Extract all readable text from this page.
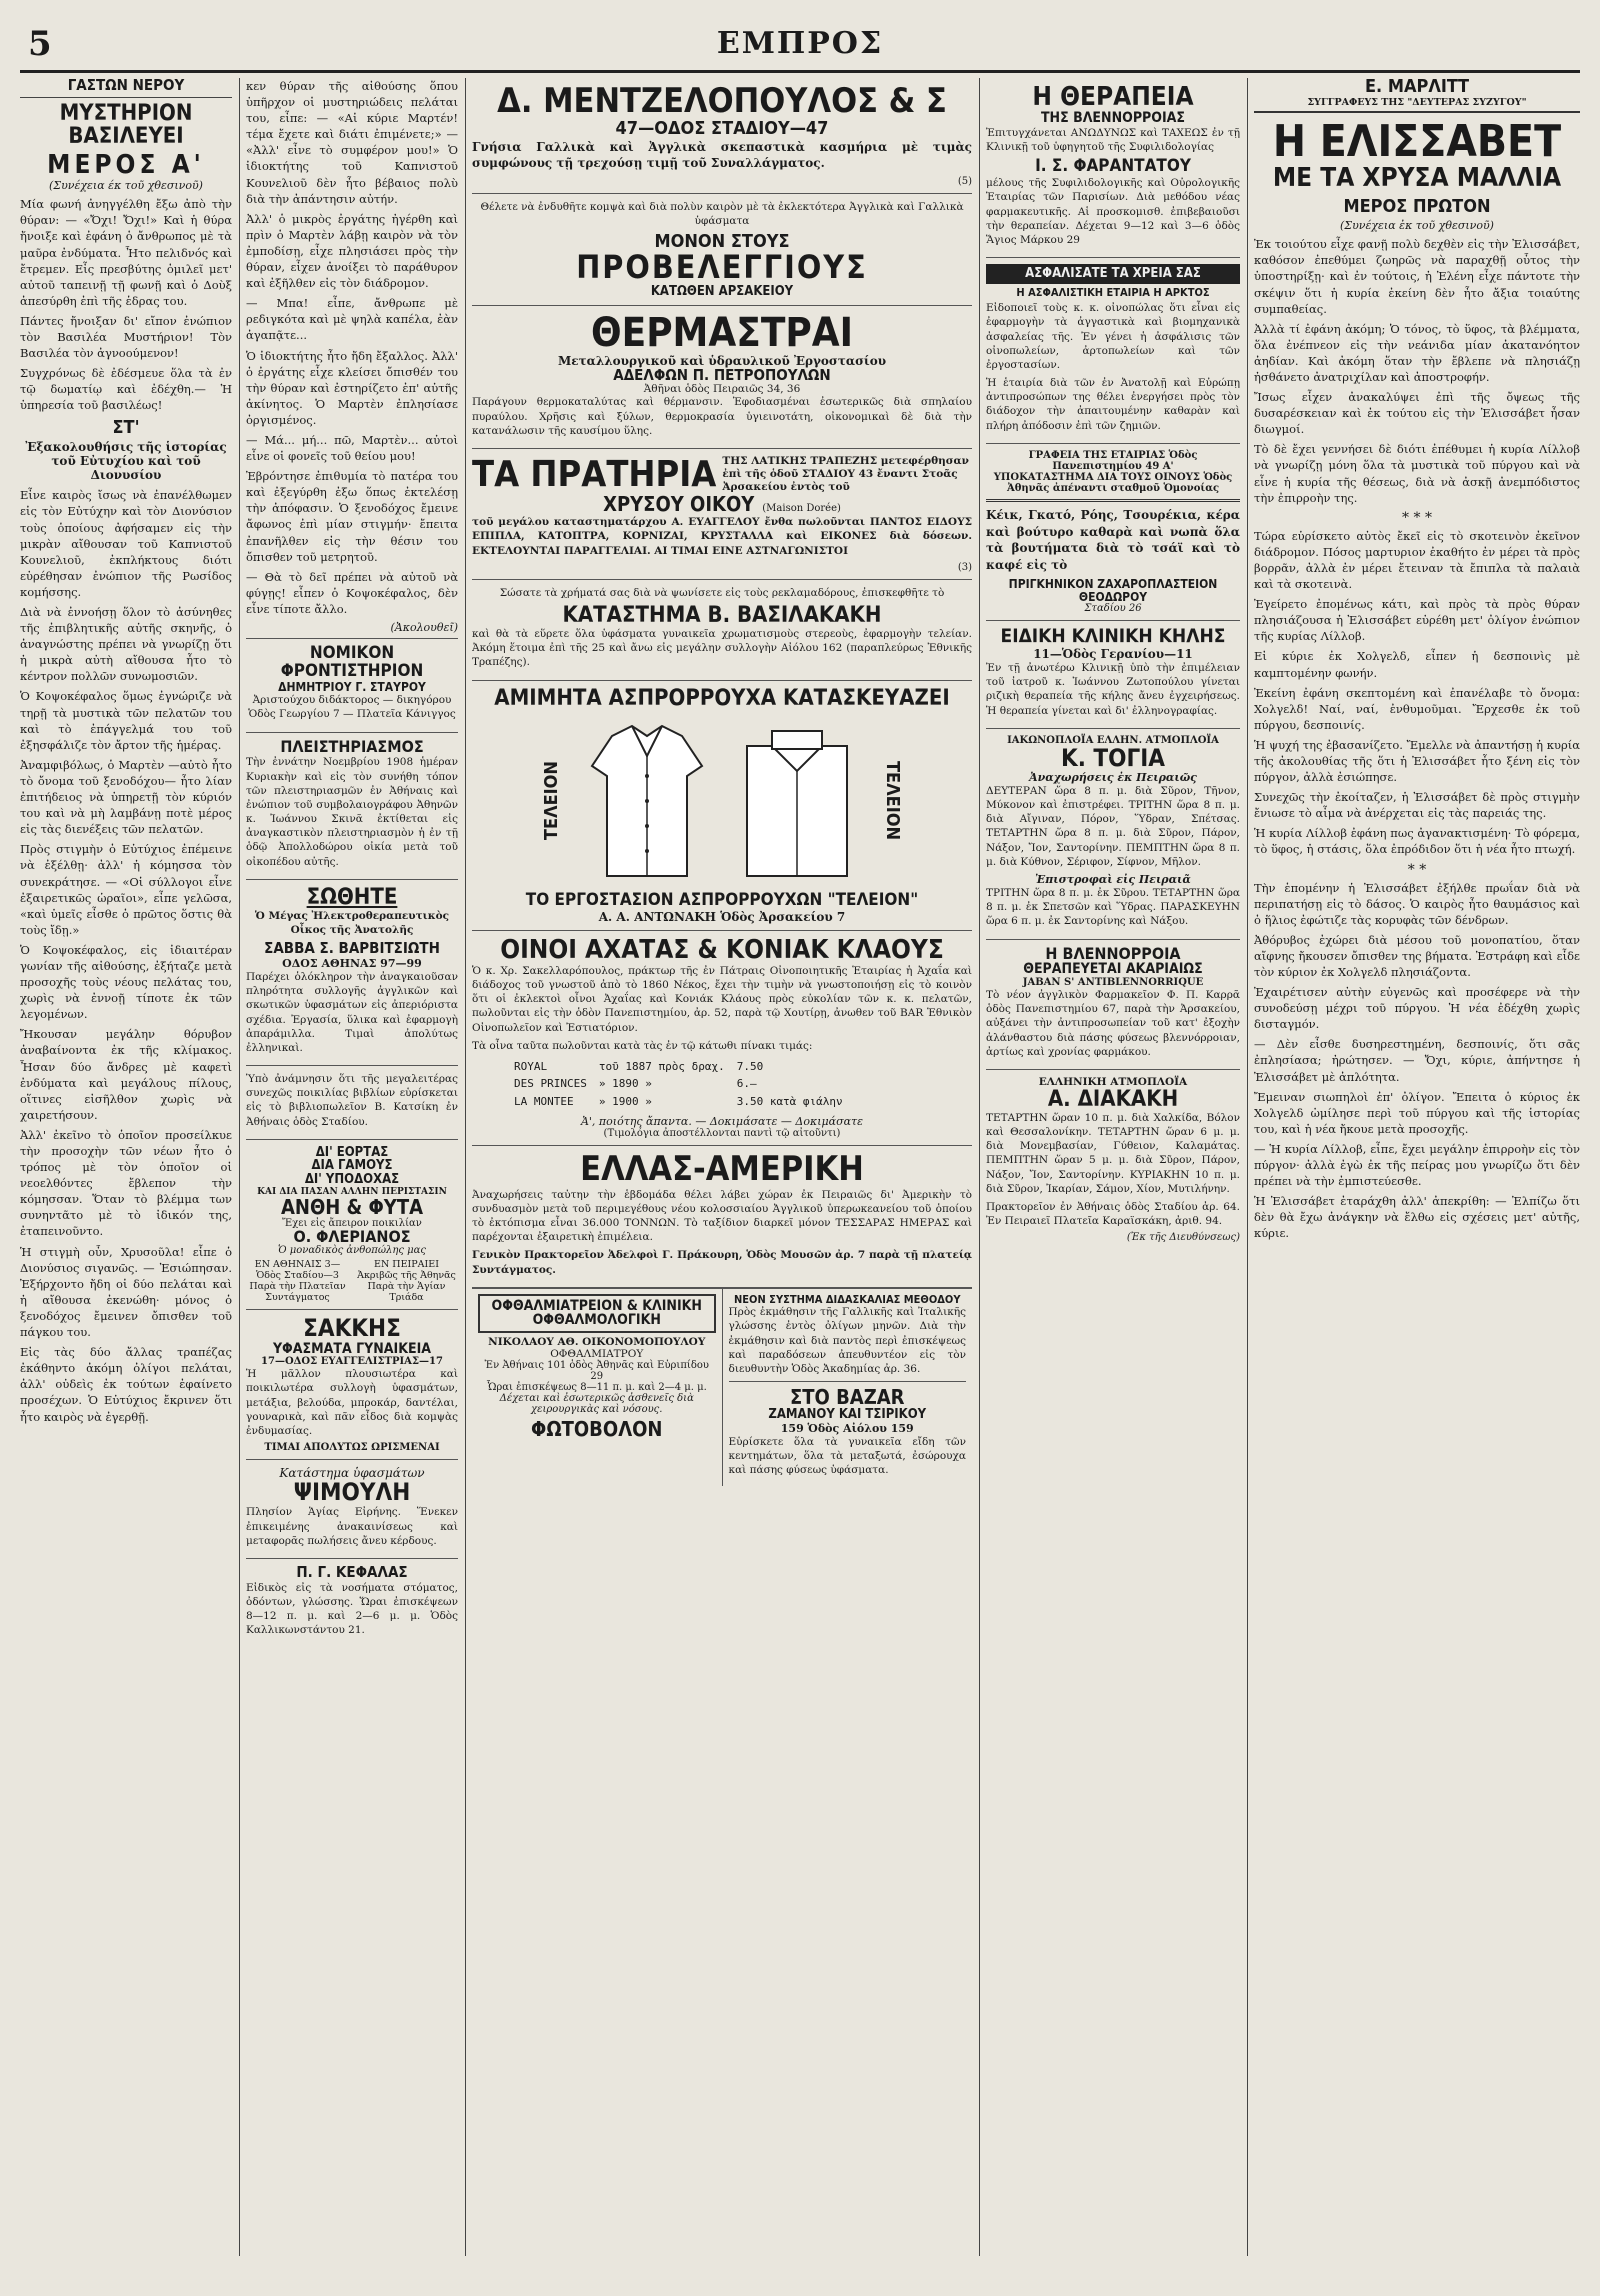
5	ΕΜΠΡΟΣ
ΓΑΣΤΩΝ ΝΕΡΟΥ
ΜΥΣΤΗΡΙΟΝ ΒΑΣΙΛΕΥΕΙ
ΜΕΡΟΣ Α'
(Συνέχεια έκ τοῦ χθεσινοῦ)

Μία φωνή ἀνηγγέλθη ἔξω ἀπὸ τὴν θύραν: — «Ὄχι! Ὄχι!» Καὶ ἡ θύρα ἤνοιξε καὶ ἐφάνη ὁ ἄνθρωπος μὲ τὰ μαῦρα ἐνδύματα. Ἦτο πελιδνός καὶ ἔτρεμεν. Εἷς πρεσβύτης ὁμιλεῖ μετ' αὐτοῦ ταπεινῇ τῇ φωνῇ καὶ ὁ Δοὺξ ἀπεσύρθη ἐπὶ τῆς ἑδρας του.

Πάντες ἤνοιξαν δι' εἴπον ἐνώπιον τὸν Βασιλέα Μυστήριον! Τὸν Βασιλέα τὸν ἀγνοούμενον!

Συγχρόνως δὲ ἐδέσμευε ὅλα τὰ ἐν τῷ δωματίῳ καὶ ἐδέχθη.— Ἡ ὑπηρεσία τοῦ βασιλέως!

ΣΤ'
Ἐξακολουθήσις τῆς ἱστορίας τοῦ Εὐτυχίου καὶ τοῦ Διονυσίου

Εἶνε καιρὸς ἴσως νὰ ἐπανέλθωμεν εἰς τὸν Εὐτύχην καὶ τὸν Διονύσιον τοὺς ὁποίους ἀφήσαμεν εἰς τὴν μικρὰν αἴθουσαν τοῦ Καπνιστοῦ Κουνελιοῦ, ἐκπλήκτους διότι εὑρέθησαν ἐνώπιον τῆς Ρωσίδος κομήσσης.

Διὰ νὰ ἐννοήσῃ ὅλον τὸ ἀσύνηθες τῆς ἐπιβλητικῆς αὐτῆς σκηνῆς, ὁ ἀναγνώστης πρέπει νὰ γνωρίζῃ ὅτι ἡ μικρὰ αὐτὴ αἴθουσα ἦτο τὸ κέντρον πολλῶν συνωμοσιῶν.

Ὁ Κοψοκέφαλος ὅμως ἐγνώριζε νὰ τηρῇ τὰ μυστικὰ τῶν πελατῶν του καὶ τὸ ἐπάγγελμά του τοῦ ἐξησφάλιζε τὸν ἄρτον τῆς ἡμέρας.

Ἀναμφιβόλως, ὁ Μαρτὲν —αὐτὸ ἦτο τὸ ὄνομα τοῦ ξενοδόχου— ἦτο λίαν ἐπιτήδειος νὰ ὑπηρετῇ τὸν κύριόν του καὶ νὰ μὴ λαμβάνῃ ποτὲ μέρος εἰς τὰς διενέξεις τῶν πελατῶν.

Πρὸς στιγμὴν ὁ Εὐτύχιος ἐπέμεινε νὰ ἐξέλθῃ· ἀλλ' ἡ κόμησσα τὸν συνεκράτησε. — «Οἱ σύλλογοι εἶνε ἐξαιρετικῶς ὡραῖοι», εἶπε γελῶσα, «καὶ ὑμεῖς εἶσθε ὁ πρῶτος ὅστις θὰ τοὺς ἴδῃ.»

Ὁ Κοψοκέφαλος, εἰς ἰδιαιτέραν γωνίαν τῆς αἰθούσης, ἐξήταζε μετὰ προσοχῆς τοὺς νέους πελάτας του, χωρὶς νὰ ἐννοῇ τίποτε ἐκ τῶν λεγομένων.

Ἤκουσαν μεγάλην θόρυβον ἀναβαίνοντα ἐκ τῆς κλίμακος. Ἦσαν δύο ἄνδρες μὲ καφετὶ ἐνδύματα καὶ μεγάλους πίλους, οἵτινες εἰσῆλθον χωρὶς νὰ χαιρετήσουν.

Ἀλλ' ἐκεῖνο τὸ ὁποῖον προσείλκυε τὴν προσοχὴν τῶν νέων ἦτο ὁ τρόπος μὲ τὸν ὁποῖον οἱ νεοελθόντες ἔβλεπον τὴν κόμησσαν. Ὅταν τὸ βλέμμα των συνηντᾶτο μὲ τὸ ἰδικόν της, ἐταπεινοῦντο.

Ἡ στιγμὴ οὖν, Χρυσοῦλα! εἶπε ὁ Διονύσιος σιγανῶς. — Ἐσιώπησαν. Ἐξήρχοντο ἤδη οἱ δύο πελάται καὶ ἡ αἴθουσα ἐκενώθη· μόνος ὁ ξενοδόχος ἔμεινεν ὄπισθεν τοῦ πάγκου του.

Εἰς τὰς δύο ἄλλας τραπέζας ἐκάθηντο ἀκόμη ὀλίγοι πελάται, ἀλλ' οὐδεὶς ἐκ τούτων ἐφαίνετο προσέχων. Ὁ Εὐτύχιος ἔκρινεν ὅτι ἦτο καιρὸς νὰ ἐγερθῇ.

κεν θύραν τῆς αἰθούσης ὅπου ὑπῆρχον οἱ μυστηριώδεις πελάται του, εἶπε: — «Αἱ κύριε Μαρτέν! τέμα ἔχετε καὶ διάτι ἐπιμένετε;» — «Ἀλλ' εἶνε τὸ συμφέρον μου!» Ὁ ἰδιοκτήτης τοῦ Καπνιστοῦ Κουνελιοῦ δὲν ἦτο βέβαιος πολὺ διὰ τὴν ἀπάντησιν αὐτήν.

Ἀλλ' ὁ μικρὸς ἐργάτης ἠγέρθη καὶ πρὶν ὁ Μαρτὲν λάβῃ καιρὸν νὰ τὸν ἐμποδίσῃ, εἶχε πλησιάσει πρὸς τὴν θύραν, εἶχεν ἀνοίξει τὸ παράθυρον καὶ ἐξῆλθεν εἰς τὸν διάδρομον.

— Μπα! εἶπε, ἄνθρωπε μὲ ρεδιγκότα καὶ μὲ ψηλὰ καπέλα, ἐὰν ἀγαπᾷτε...

Ὁ ἰδιοκτήτης ἦτο ἤδη ἔξαλλος. Ἀλλ' ὁ ἐργάτης εἶχε κλείσει ὄπισθέν του τὴν θύραν καὶ ἐστηρίζετο ἐπ' αὐτῆς ἀκίνητος. Ὁ Μαρτὲν ἐπλησίασε ὀργισμένος.

— Μά... μή... πῶ, Μαρτὲν... αὐτοὶ εἶνε οἱ φονεῖς τοῦ θείου μου!

Ἐβρόντησε ἐπιθυμία τὸ πατέρα του καὶ ἐξεγύρθη ἐξω ὅπως ἐκτελέσῃ τὴν ἀπόφασιν. Ὁ ξενοδόχος ἔμεινε ἄφωνος ἐπὶ μίαν στιγμήν· ἔπειτα ἐπανῆλθεν εἰς τὴν θέσιν του ὄπισθεν τοῦ μετρητοῦ.

— Θὰ τὸ δεῖ πρέπει νὰ αὐτοῦ νὰ φύγῃς! εἶπεν ὁ Κοψοκέφαλος, δὲν εἶνε τίποτε ἄλλο.

(Ἀκολουθεῖ)
ΝΟΜΙΚΟΝ ΦΡΟΝΤΙΣΤΗΡΙΟΝ
ΔΗΜΗΤΡΙΟΥ Γ. ΣΤΑΥΡΟΥ

Ἀριστούχου διδάκτορος — δικηγόρου Ὁδὸς Γεωργίου 7 — Πλατεῖα Κάνιγγος

ΠΛΕΙΣΤΗΡΙΑΣΜΟΣ

Τὴν ἐννάτην Νοεμβρίου 1908 ἡμέραν Κυριακὴν καὶ εἰς τὸν συνήθη τόπον τῶν πλειστηριασμῶν ἐν Ἀθήναις καὶ ἐνώπιον τοῦ συμβολαιογράφου Ἀθηνῶν κ. Ἰωάννου Σκινᾶ ἐκτίθεται εἰς ἀναγκαστικὸν πλειστηριασμὸν ἡ ἐν τῇ ὁδῷ Ἀπολλοδώρου οἰκία μετὰ τοῦ οἰκοπέδου αὐτῆς.

ΣΩΘΗΤΕ

Ὁ Μέγας Ἠλεκτροθεραπευτικὸς Οἶκος τῆς Ἀνατολῆς

ΣΑΒΒΑ Σ. ΒΑΡΒΙΤΣΙΩΤΗ
ΟΔΟΣ ΑΘΗΝΑΣ 97—99

Παρέχει ὁλόκληρον τὴν ἀναγκαιοῦσαν πληρότητα συλλογῆς ἀγγλικῶν καὶ σκωτικῶν ὑφασμάτων εἰς ἀπεριόριστα σχέδια. Ἐργασία, ὕλικα καὶ ἐφαρμογὴ ἀπαράμιλλα. Τιμαὶ ἀπολύτως ἐλληνικαὶ.

Ὑπὸ ἀνάμνησιν ὅτι τῆς μεγαλειτέρας συνεχῶς ποικιλίας βιβλίων εὑρίσκεται εἰς τὸ βιβλιοπωλεῖον Β. Κατσίκη ἐν Ἀθήναις ὁδὸς Σταδίου.

ΔΙ' ΕΟΡΤΑΣ
ΔΙΑ ΓΑΜΟΥΣ
ΔΙ' ΥΠΟΔΟΧΑΣ
ΚΑΙ ΔΙΑ ΠΑΣΑΝ ΑΛΛΗΝ ΠΕΡΙΣΤΑΣΙΝ
ΑΝΘΗ & ΦΥΤΑ
Ἔχει εἰς ἄπειρον ποικιλίαν
Ο. ΦΛΕΡΙΑΝΟΣ
Ὁ μοναδικὸς ἀνθοπώλης μας
ΕΝ ΑΘΗΝΑΙΣ 3—Ὁδὸς Σταδίου—3 Παρὰ τὴν Πλατεῖαν Συντάγματος
ΕΝ ΠΕΙΡΑΙΕΙ Ἀκριβῶς τῆς Ἀθηνᾶς Παρὰ τὴν Ἁγίαν Τριάδα
ΣΑΚΚΗΣ
ΥΦΑΣΜΑΤΑ ΓΥΝΑΙΚΕΙΑ
17—ΟΔΟΣ ΕΥΑΓΓΕΛΙΣΤΡΙΑΣ—17

Ἡ μᾶλλον πλουσιωτέρα καὶ ποικιλωτέρα συλλογὴ ὑφασμάτων, μετάξια, βελούδα, μπροκάρ, δαντέλαι, γουναρικὰ, καὶ πᾶν εἶδος διὰ κομψὰς ἐνδυμασίας.

ΤΙΜΑΙ ΑΠΟΛΥΤΩΣ ΩΡΙΣΜΕΝΑΙ
Κατάστημα ὑφασμάτων
ΨΙΜΟΥΛΗ

Πλησίον Ἁγίας Εἰρήνης. Ἕνεκεν ἐπικειμένης ἀνακαινίσεως καὶ μεταφορᾶς πωλήσεις ἄνευ κέρδους.

Π. Γ. ΚΕΦΑΛΑΣ

Εἰδικὸς εἰς τὰ νοσήματα στόματος, ὀδόντων, γλώσσης. Ὥραι ἐπισκέψεων 8—12 π. μ. καὶ 2—6 μ. μ. Ὁδὸς Καλλικωνστάντου 21.

Δ. ΜΕΝΤΖΕΛΟΠΟΥΛΟΣ & Σ
47—ΟΔΟΣ ΣΤΑΔΙΟΥ—47

Γνήσια Γαλλικὰ καὶ Ἀγγλικὰ σκεπαστικὰ κασμήρια μὲ τιμὰς συμφώνους τῇ τρεχούσῃ τιμῇ τοῦ Συναλλάγματος.

(5)

Θέλετε νὰ ἐνδυθῆτε κομψὰ καὶ διὰ πολὺν καιρὸν μὲ τὰ ἐκλεκτότερα Ἀγγλικὰ καὶ Γαλλικὰ ὑφάσματα

ΜΟΝΟΝ ΣΤΟΥΣ
ΠΡΟΒΕΛΕΓΓΙΟΥΣ
ΚΑΤΩΘΕΝ ΑΡΣΑΚΕΙΟΥ
ΘΕΡΜΑΣΤΡΑΙ
Μεταλλουργικοῦ καὶ ὑδραυλικοῦ Ἐργοστασίου
ΑΔΕΛΦΩΝ Π. ΠΕΤΡΟΠΟΥΛΩΝ
Ἀθῆναι ὁδὸς Πειραιῶς 34, 36

Παράγουν θερμοκαταλύτας καὶ θέρμανσιν. Ἐφοδιασμέναι ἐσωτερικῶς διὰ σπηλαίου πυραύλου. Χρῆσις καὶ ξύλων, θερμοκρασία ὑγιεινοτάτη, οἰκονομικαὶ δὲ διὰ τὴν κατανάλωσιν τῆς καυσίμου ὕλης.

ΤΑ ΠΡΑΤΗΡΙΑ ΤΗΣ ΛΑΤΙΚΗΣ ΤΡΑΠΕΖΗΣ μετεφέρθησαν ἐπὶ τῆς ὁδοῦ ΣΤΑΔΙΟΥ 43 ἔναντι Στοᾶς Ἀρσακείου ἐντὸς τοῦ
ΧΡΥΣΟΥ ΟΙΚΟΥ (Maison Dorée)

τοῦ μεγάλου καταστηματάρχου Α. ΕΥΑΓΓΕΛΟΥ ἔνθα πωλοῦνται ΠΑΝΤΟΣ ΕΙΔΟΥΣ ΕΠΙΠΛΑ, ΚΑΤΟΠΤΡΑ, ΚΟΡΝΙΖΑΙ, ΚΡΥΣΤΑΛΛΑ καὶ ΕΙΚΟΝΕΣ διὰ δόσεων. ΕΚΤΕΛΟΥΝΤΑΙ ΠΑΡΑΓΓΕΛΙΑΙ. ΑΙ ΤΙΜΑΙ ΕΙΝΕ ΑΣΤΝΑΓΩΝΙΣΤΟΙ

(3)

Σώσατε τὰ χρήματά σας διὰ νὰ ψωνίσετε εἰς τοὺς ρεκλαμαδόρους, ἐπισκεφθῆτε τὸ

ΚΑΤΑΣΤΗΜΑ Β. ΒΑΣΙΛΑΚΑΚΗ

καὶ θὰ τὰ εὕρετε ὅλα ὑφάσματα γυναικεῖα χρωματισμοὺς στερεοὺς, ἐφαρμογὴν τελείαν. Ἀκόμη ἕτοιμα ἐπὶ τῆς 25 καὶ ἄνω εἰς μεγάλην συλλογὴν Αἰόλου 162 (παραπλεύρως Ἐθνικῆς Τραπέζης).

ΑΜΙΜΗΤΑ ΑΣΠΡΟΡΡΟΥΧΑ ΚΑΤΑΣΚΕΥΑΖΕΙ
ΤΕΛΕΙΟΝ	ΤΕΛΕΙΟΝ
ΤΟ ΕΡΓΟΣΤΑΣΙΟΝ ΑΣΠΡΟΡΡΟΥΧΩΝ "ΤΕΛΕΙΟΝ"
Α. Α. ΑΝΤΩΝΑΚΗ Ὁδὸς Ἀρσακείου 7
ΟΙΝΟΙ ΑΧΑΤΑΣ & ΚΟΝΙΑΚ ΚΛΑΟΥΣ

Ὁ κ. Χρ. Σακελλαρόπουλος, πράκτωρ τῆς ἐν Πάτραις Οἰνοποιητικῆς Ἑταιρίας ἡ Ἀχαΐα καὶ διάδοχος τοῦ γνωστοῦ ἀπὸ τὸ 1860 Νέκος, ἔχει τὴν τιμὴν νὰ γνωστοποιήσῃ εἰς τὸ κοινὸν ὅτι οἱ ἐκλεκτοὶ οἶνοι Ἀχαΐας καὶ Κονιάκ Κλάους πρὸς εὐκολίαν τῶν κ. κ. πελατῶν, πωλοῦνται εἰς τὴν ὁδὸν Πανεπιστημίου, ἀρ. 52, παρὰ τῷ Χουτίρῃ, ἀνωθεν τοῦ BAR Ἑθνικὸν Οἰνοπωλεῖον καὶ Ἐστιατόριον.

Τὰ οἶνα ταῦτα πωλοῦνται κατὰ τὰς ἐν τῷ κάτωθι πίνακι τιμάς:

ROYAL	τοῦ 1887 πρὸς δραχ.	7.50
DES PRINCES	» 1890 »	6.—
LA MONTEE	» 1900 »	3.50 κατὰ φιάλην
Ἀ', ποιότης ἄπαντα. — Δοκιμάσατε — Δοκιμάσατε
(Τιμολόγια ἀποστέλλονται παντὶ τῷ αἰτοῦντι)
ΕΛΛΑΣ-ΑΜΕΡΙΚΗ

Ἀναχωρήσεις ταὐτην τὴν ἑβδομάδα θέλει λάβει χώραν ἐκ Πειραιῶς δι' Ἀμερικὴν τὸ συνδυασμὸν μετὰ τοῦ περιμεγέθους νέου κολοσσιαίου Ἀγγλικοῦ ὑπερωκεανείου τοῦ ὁποίου τὸ ἐκτόπισμα εἶναι 36.000 ΤΟΝΝΩΝ. Τὸ ταξίδιον διαρκεῖ μόνον ΤΕΣΣΑΡΑΣ ΗΜΕΡΑΣ καὶ παρέχονται ἐξαιρετικὴ ἐπιμέλεια.

Γενικὸν Πρακτορεῖον Ἀδελφοὶ Γ. Πράκουρη, Ὁδὸς Μουσῶν ἀρ. 7 παρὰ τῇ πλατείᾳ Συντάγματος.

ΟΦΘΑΛΜΙΑΤΡΕΙΟΝ & ΚΛΙΝΙΚΗ ΟΦΘΑΛΜΟΛΟΓΙΚΗ
ΝΙΚΟΛΑΟΥ ΑΘ. ΟΙΚΟΝΟΜΟΠΟΥΛΟΥ
ΟΦΘΑΛΜΙΑΤΡΟΥ
Ἐν Ἀθήναις 101 ὁδὸς Ἀθηνᾶς καὶ Εὐριπίδου 29
Ὧραι ἐπισκέψεως 8—11 π. μ. καὶ 2—4 μ. μ.
Δέχεται καὶ ἐσωτερικῶς ἀσθενεῖς διὰ χειρουργικὰς καὶ νόσους.
ΦΩΤΟΒΟΛΟΝ
ΝΕΟΝ ΣΥΣΤΗΜΑ ΔΙΔΑΣΚΑΛΙΑΣ ΜΕΘΟΔΟΥ

Πρὸς ἐκμάθησιν τῆς Γαλλικῆς καὶ Ἰταλικῆς γλώσσης ἐντὸς ὀλίγων μηνῶν. Διὰ τὴν ἐκμάθησιν καὶ διὰ παντὸς περὶ ἐπισκέψεως καὶ παραδόσεων ἀπευθυντέον εἰς τὸν διευθυντὴν Ὁδὸς Ἀκαδημίας ἀρ. 36.

ΣΤΟ ΒΑΖΑR
ΖΑΜΑΝΟΥ ΚΑΙ ΤΣΙΡΙΚΟΥ
159 Ὁδὸς Αἰόλου 159

Εὑρίσκετε ὅλα τὰ γυναικεῖα εἴδη τῶν κεντημάτων, ὅλα τὰ μεταξωτά, ἐσώρουχα καὶ πάσης φύσεως ὑφάσματα.

Η ΘΕΡΑΠΕΙΑ
ΤΗΣ ΒΛΕΝΝΟΡΡΟΙΑΣ

Ἐπιτυγχάνεται ΑΝΩΔΥΝΩΣ καὶ ΤΑΧΕΩΣ ἐν τῇ Κλινικῇ τοῦ ὑφηγητοῦ τῆς Συφιλιδολογίας

Ι. Σ. ΦΑΡΑΝΤΑΤΟΥ

μέλους τῆς Συφιλιδολογικῆς καὶ Οὐρολογικῆς Ἑταιρίας τῶν Παρισίων. Διὰ μεθόδου νέας φαρμακευτικῆς. Αἱ προσκομισθ. ἐπιβεβαιοῦσι τὴν θεραπείαν. Δέχεται 9—12 καὶ 3—6 ὁδὸς Ἅγιος Μάρκου 29

ΑΣΦΑΛΙΣΑΤΕ ΤΑ ΧΡΕΙΑ ΣΑΣ
Η ΑΣΦΑΛΙΣΤΙΚΗ ΕΤΑΙΡΙΑ Η ΑΡΚΤΟΣ

Εἰδοποιεῖ τοὺς κ. κ. οἰνοπώλας ὅτι εἶναι εἰς ἐφαρμογὴν τὰ ἀγγαστικὰ καὶ βιομηχανικὰ ἀσφαλείας τῆς. Ἐν γένει ἡ ἀσφάλισις τῶν οἰνοπωλείων, ἀρτοπωλείων καὶ τῶν ἐργοστασίων.

Ἡ ἑταιρία διὰ τῶν ἐν Ἀνατολῇ καὶ Εὐρώπῃ ἀντιπροσώπων της θέλει ἐνεργήσει πρὸς τὸν διάδοχον τὴν ἀπαιτουμένην καθαρὰν καὶ πλήρη ἀπόδοσιν ἐπὶ τῶν ζημιῶν.

ΓΡΑΦΕΙΑ ΤΗΣ ΕΤΑΙΡΙΑΣ Ὁδὸς Πανεπιστημίου 49 Α'
ΥΠΟΚΑΤΑΣΤΗΜΑ ΔΙΑ ΤΟΥΣ ΟΙΝΟΥΣ Ὁδὸς Ἀθηνᾶς ἀπέναντι σταθμοῦ Ὁμονοίας

Κέικ, Γκατό, Ρόης, Τσουρέκια, κέρα καὶ βούτυρο καθαρὰ καὶ νωπὰ ὅλα τὰ βουτήματα διὰ τὸ τσάϊ καὶ τὸ καφέ εἰς τὸ

ΠΡΙΓΚΗΝΙΚΟΝ ΖΑΧΑΡΟΠΛΑΣΤΕΙΟΝ ΘΕΟΔΩΡΟΥ
Σταδίου 26
ΕΙΔΙΚΗ ΚΛΙΝΙΚΗ ΚΗΛΗΣ
11—Ὁδὸς Γερανίου—11

Ἐν τῇ ἀνωτέρω Κλινικῇ ὑπὸ τὴν ἐπιμέλειαν τοῦ ἰατροῦ κ. Ἰωάννου Ζωτοπούλου γίνεται ριζικὴ θεραπεία τῆς κήλης ἄνευ ἐγχειρήσεως. Ἡ θεραπεία γίνεται καὶ δι' ἐλληνογραφίας.

ΙΑΚΩΝΟΠΛΟΪΑ ΕΛΛΗΝ. ΑΤΜΟΠΛΟΪΑ
Κ. ΤΟΓΙΑ
Ἀναχωρήσεις ἐκ Πειραιῶς

ΔΕΥΤΕΡΑΝ ὥρα 8 π. μ. διὰ Σῦρον, Τῆνον, Μύκονον καὶ ἐπιστρέφει. ΤΡΙΤΗΝ ὥρα 8 π. μ. διὰ Αἴγιναν, Πόρον, Ὕδραν, Σπέτσας. ΤΕΤΑΡΤΗΝ ὥρα 8 π. μ. διὰ Σῦρον, Πάρον, Νάξον, Ἴον, Σαντορίνην. ΠΕΜΠΤΗΝ ὥρα 8 π. μ. διὰ Κύθνον, Σέριφον, Σίφνον, Μῆλον.

Ἐπιστροφαὶ εἰς Πειραιᾶ

ΤΡΙΤΗΝ ὥρα 8 π. μ. ἐκ Σῦρου. ΤΕΤΑΡΤΗΝ ὥρα 8 π. μ. ἐκ Σπετσῶν καὶ Ὕδρας. ΠΑΡΑΣΚΕΥΗΝ ὥρα 6 π. μ. ἐκ Σαντορίνης καὶ Νάξου.

Η ΒΛΕΝΝΟΡΡΟΙΑ
ΘΕΡΑΠΕΥΕΤΑΙ ΑΚΑΡΙΑΙΩΣ
JABAN S' ANTIBLENNORRIQUE

Τὸ νέον ἀγγλικὸν Φαρμακεῖον Φ. Π. Καρρᾶ ὁδὸς Πανεπιστημίου 67, παρὰ τὴν Ἀρσακείου, αὐξάνει τὴν ἀντιπροσωπείαν τοῦ κατ' ἐξοχὴν ἀλάνθαστου διὰ πάσης φύσεως βλεννόρροιαν, ἀρτίως καὶ χρονίας φαρμάκου.

ΕΛΛΗΝΙΚΗ ΑΤΜΟΠΛΟΪΑ
Α. ΔΙΑΚΑΚΗ

ΤΕΤΑΡΤΗΝ ὥραν 10 π. μ. διὰ Χαλκίδα, Βόλον καὶ Θεσσαλονίκην. ΤΕΤΑΡΤΗΝ ὥραν 6 μ. μ. διὰ Μονεμβασίαν, Γύθειον, Καλαμάτας. ΠΕΜΠΤΗΝ ὥραν 5 μ. μ. διὰ Σῦρον, Πάρον, Νάξον, Ἴον, Σαντορίνην. ΚΥΡΙΑΚΗΝ 10 π. μ. διὰ Σῦρον, Ἰκαρίαν, Σάμον, Χίον, Μυτιλήνην.

Πρακτορεῖον ἐν Ἀθήναις ὁδὸς Σταδίου ἀρ. 64. Ἐν Πειραιεῖ Πλατεῖα Καραϊσκάκη, ἀριθ. 94.

(Ἐκ τῆς Διευθύνσεως)
Ε. ΜΑΡΛΙΤΤ
ΣΥΓΓΡΑΦΕΥΣ ΤΗΣ "ΔΕΥΤΕΡΑΣ ΣΥΖΥΓΟΥ"
Η ΕΛΙΣΣΑΒΕΤ
ΜΕ ΤΑ ΧΡΥΣΑ ΜΑΛΛΙΑ
ΜΕΡΟΣ ΠΡΩΤΟΝ
(Συνέχεια ἐκ τοῦ χθεσινοῦ)

Ἐκ τοιούτου εἶχε φανῇ πολὺ δεχθὲν εἰς τὴν Ἐλισσάβετ, καθόσον ἐπεθύμει ζωηρῶς νὰ παραχθῇ οὗτος τὴν ὑποστηρίξῃ· καὶ ἐν τούτοις, ἡ Ἐλένη εἶχε πάντοτε τὴν σκέψιν ὅτι ἡ κυρία ἐκείνη δὲν ἦτο ἄξια τοιαύτης συμπαθείας.

Ἀλλὰ τί ἐφάνη ἀκόμη; Ὁ τόνος, τὸ ὕφος, τὰ βλέμματα, ὅλα ἐνέπνεον εἰς τὴν νεάνιδα μίαν ἀκατανόητον ἀηδίαν. Καὶ ἀκόμη ὅταν τὴν ἔβλεπε νὰ πλησιάζῃ ἠσθάνετο ἀνατριχίλαν καὶ ἀποστροφήν.

Ἴσως εἶχεν ἀνακαλύψει ἐπὶ τῆς ὄψεως τῆς δυσαρέσκειαν καὶ ἐκ τούτου εἰς τὴν Ἐλισσάβετ ἦσαν διωγμοί.

Τὸ δὲ ἔχει γεννήσει δὲ διότι ἐπέθυμει ἡ κυρία Λίλλοβ νὰ γνωρίζῃ μόνη ὅλα τὰ μυστικὰ τοῦ πύργου καὶ νὰ εἶνε ἡ κυρία τῆς θέσεως, διὰ νὰ ἀσκῇ ἀνεμπόδιστος τὴν ἐπιρροὴν της.

* * *

Τώρα εὑρίσκετο αὐτὸς ἔκεῖ εἰς τὸ σκοτεινὸν ἐκεῖνον διάδρομον. Πόσος μαρτυριον ἐκαθήτο ἐν μέρει τὰ πρὸς βορρᾶν, ἀλλὰ ἐν μέρει ἔτειναν τὰ ἔπιπλα τὰ παλαιὰ καὶ τὰ σκοτεινὰ.

Ἐγείρετο ἐπομένως κάτι, καὶ πρὸς τὰ πρὸς θύραν πλησιάζουσα ἡ Ἐλισσάβετ εὑρέθη μετ' ὀλίγον ἐνώπιον τῆς κυρίας Λίλλοβ.

Εἰ κύριε ἐκ Χολγελδ, εἶπεν ἡ δεσποινὶς μὲ καμπτομένην φωνήν.

Ἐκείνη ἐφάνη σκεπτομένη καὶ ἐπανέλαβε τὸ ὄνομα: Χολγελδ! Ναί, ναί, ἐνθυμοῦμαι. Ἔρχεσθε ἐκ τοῦ πύργου, δεσποινίς.

Ἡ ψυχή της ἐβασανίζετο. Ἔμελλε νὰ ἀπαντήσῃ ἡ κυρία τῆς ἀκολουθίας τῆς ὅτι ἡ Ἐλισσάβετ ἦτο ξένη εἰς τὸν πύργον, ἀλλὰ ἐσιώπησε.

Συνεχῶς τὴν ἐκοίταζεν, ἡ Ἐλισσάβετ δὲ πρὸς στιγμὴν ἔνιωσε τὸ αἷμα νὰ ἀνέρχεται εἰς τὰς παρειάς της.

Ἡ κυρία Λίλλοβ ἐφάνη πως ἀγανακτισμένη· Τὸ φόρεμα, τὸ ὕφος, ἡ στάσις, ὅλα ἐπρόδιδον ὅτι ἡ νέα ἦτο πτωχή.

* *

Τὴν ἑπομένην ἡ Ἐλισσάβετ ἐξήλθε πρωΐαν διὰ νὰ περιπατήσῃ εἰς τὸ δάσος. Ὁ καιρὸς ἦτο θαυμάσιος καὶ ὁ ἥλιος ἐφώτιζε τὰς κορυφὰς τῶν δένδρων.

Ἀθόρυβος ἐχώρει διὰ μέσου τοῦ μονοπατίου, ὅταν αἴφνης ἤκουσεν ὄπισθεν της βήματα. Ἐστράφη καὶ εἶδε τὸν κύριον ἐκ Χολγελδ πλησιάζοντα.

Ἐχαιρέτισεν αὐτὴν εὐγενῶς καὶ προσέφερε νὰ τὴν συνοδεύσῃ μέχρι τοῦ πύργου. Ἡ νέα ἐδέχθη χωρὶς δισταγμόν.

— Δὲν εἶσθε δυσηρεστημένη, δεσποινίς, ὅτι σᾶς ἐπλησίασα; ἠρώτησεν. — Ὄχι, κύριε, ἀπήντησε ἡ Ἐλισσάβετ μὲ ἀπλότητα.

Ἔμειναν σιωπηλοὶ ἐπ' ὀλίγον. Ἔπειτα ὁ κύριος ἐκ Χολγελδ ὡμίλησε περὶ τοῦ πύργου καὶ τῆς ἱστορίας του, καὶ ἡ νέα ἤκουε μετὰ προσοχῆς.

— Ἡ κυρία Λίλλοβ, εἶπε, ἔχει μεγάλην ἐπιρροὴν εἰς τὸν πύργον· ἀλλὰ ἐγὼ ἐκ τῆς πείρας μου γνωρίζω ὅτι δὲν πρέπει νὰ τὴν ἐμπιστεύεσθε.

Ἡ Ἐλισσάβετ ἐταράχθη ἀλλ' ἀπεκρίθη: — Ἐλπίζω ὅτι δὲν θὰ ἔχω ἀνάγκην νὰ ἔλθω εἰς σχέσεις μετ' αὐτῆς, κύριε.
